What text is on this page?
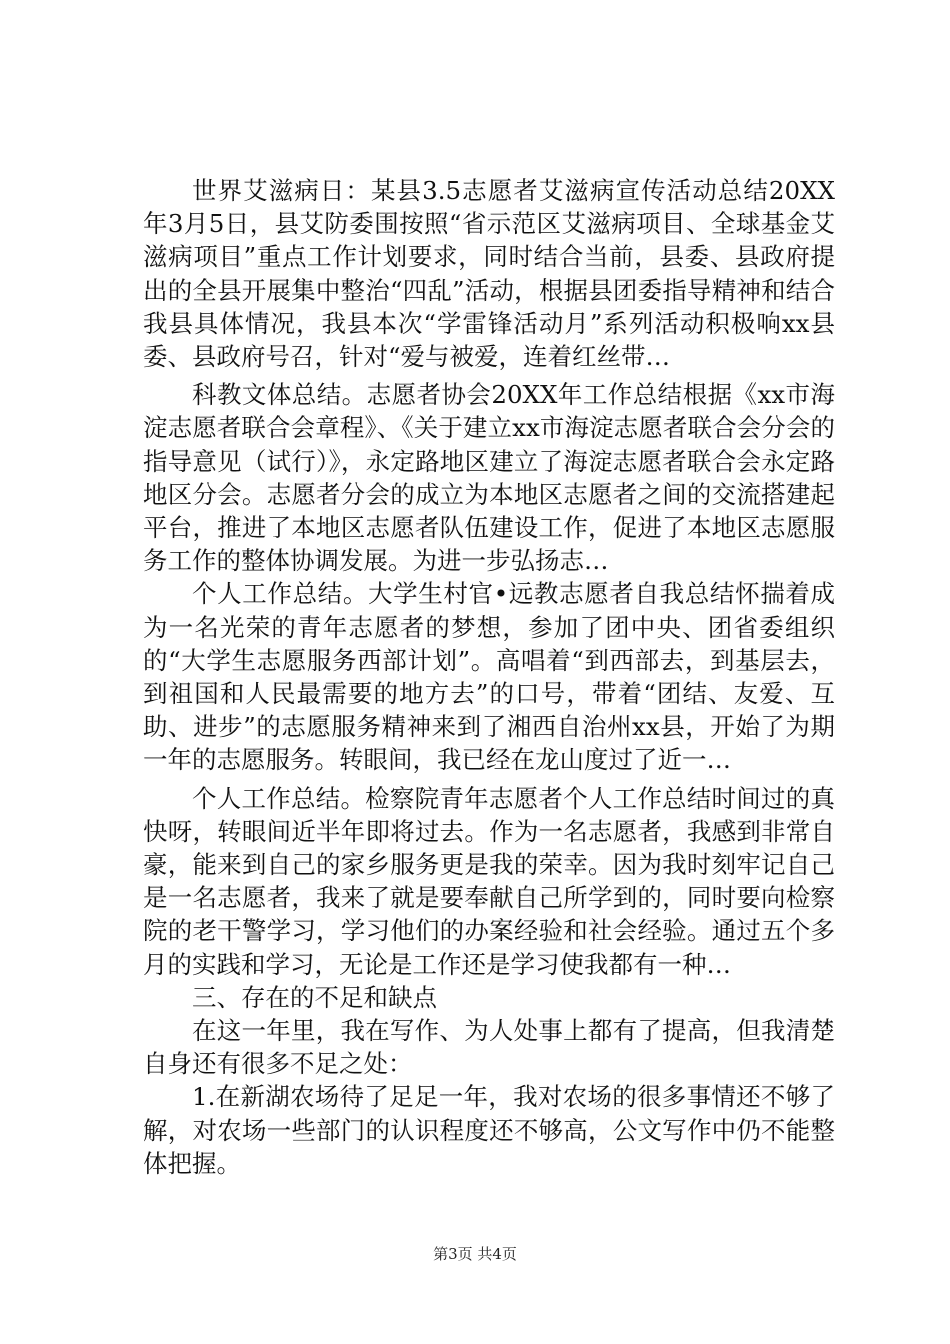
世界艾滋病日：某县3.5志愿者艾滋病宣传活动总结20XX年3月5日，县艾防委围按照“省示范区艾滋病项目、全球基金艾滋病项目”重点工作计划要求，同时结合当前，县委、县政府提出的全县开展集中整治“四乱”活动，根据县团委指导精神和结合我县具体情况，我县本次“学雷锋活动月”系列活动积极响xx县委、县政府号召，针对“爱与被爱，连着红丝带…

科教文体总结。志愿者协会20XX年工作总结根据《xx市海淀志愿者联合会章程》、《关于建立xx市海淀志愿者联合会分会的指导意见（试行）》，永定路地区建立了海淀志愿者联合会永定路地区分会。志愿者分会的成立为本地区志愿者之间的交流搭建起平台，推进了本地区志愿者队伍建设工作，促进了本地区志愿服务工作的整体协调发展。为进一步弘扬志…

个人工作总结。大学生村官•远教志愿者自我总结怀揣着成为一名光荣的青年志愿者的梦想，参加了团中央、团省委组织的“大学生志愿服务西部计划”。高唱着“到西部去，到基层去，到祖国和人民最需要的地方去”的口号，带着“团结、友爱、互助、进步”的志愿服务精神来到了湘西自治州xx县，开始了为期一年的志愿服务。转眼间，我已经在龙山度过了近一…

个人工作总结。检察院青年志愿者个人工作总结时间过的真快呀，转眼间近半年即将过去。作为一名志愿者，我感到非常自豪，能来到自己的家乡服务更是我的荣幸。因为我时刻牢记自己是一名志愿者，我来了就是要奉献自己所学到的，同时要向检察院的老干警学习，学习他们的办案经验和社会经验。通过五个多月的实践和学习，无论是工作还是学习使我都有一种…

三、存在的不足和缺点

在这一年里，我在写作、为人处事上都有了提高，但我清楚自身还有很多不足之处：

1.在新湖农场待了足足一年，我对农场的很多事情还不够了解，对农场一些部门的认识程度还不够高，公文写作中仍不能整体把握。

第3页 共4页
